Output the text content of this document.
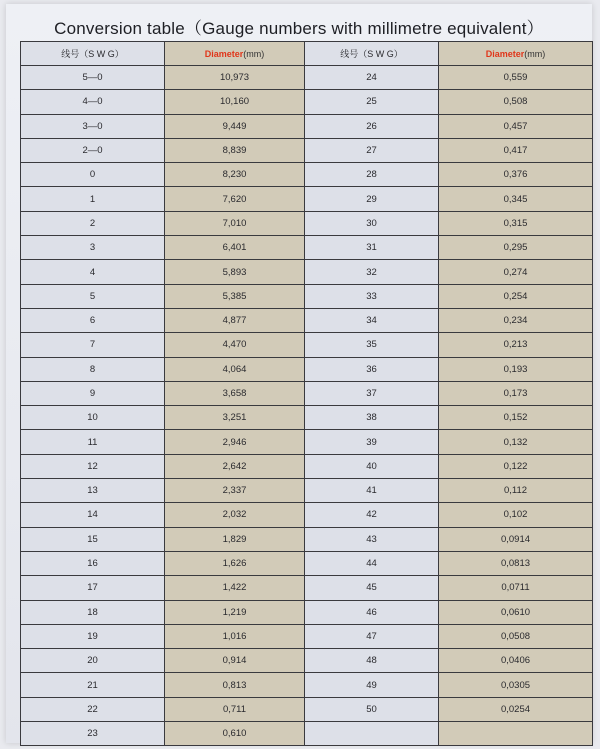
Conversion table（Gauge numbers with millimetre equivalent）
线号（S W G）	Diameter(mm)	线号（S W G）	Diameter(mm)
5—0	10,973	24	0,559
4—0	10,160	25	0,508
3—0	9,449	26	0,457
2—0	8,839	27	0,417
0	8,230	28	0,376
1	7,620	29	0,345
2	7,010	30	0,315
3	6,401	31	0,295
4	5,893	32	0,274
5	5,385	33	0,254
6	4,877	34	0,234
7	4,470	35	0,213
8	4,064	36	0,193
9	3,658	37	0,173
10	3,251	38	0,152
11	2,946	39	0,132
12	2,642	40	0,122
13	2,337	41	0,112
14	2,032	42	0,102
15	1,829	43	0,0914
16	1,626	44	0,0813
17	1,422	45	0,0711
18	1,219	46	0,0610
19	1,016	47	0,0508
20	0,914	48	0,0406
21	0,813	49	0,0305
22	0,711	50	0,0254
23	0,610		
